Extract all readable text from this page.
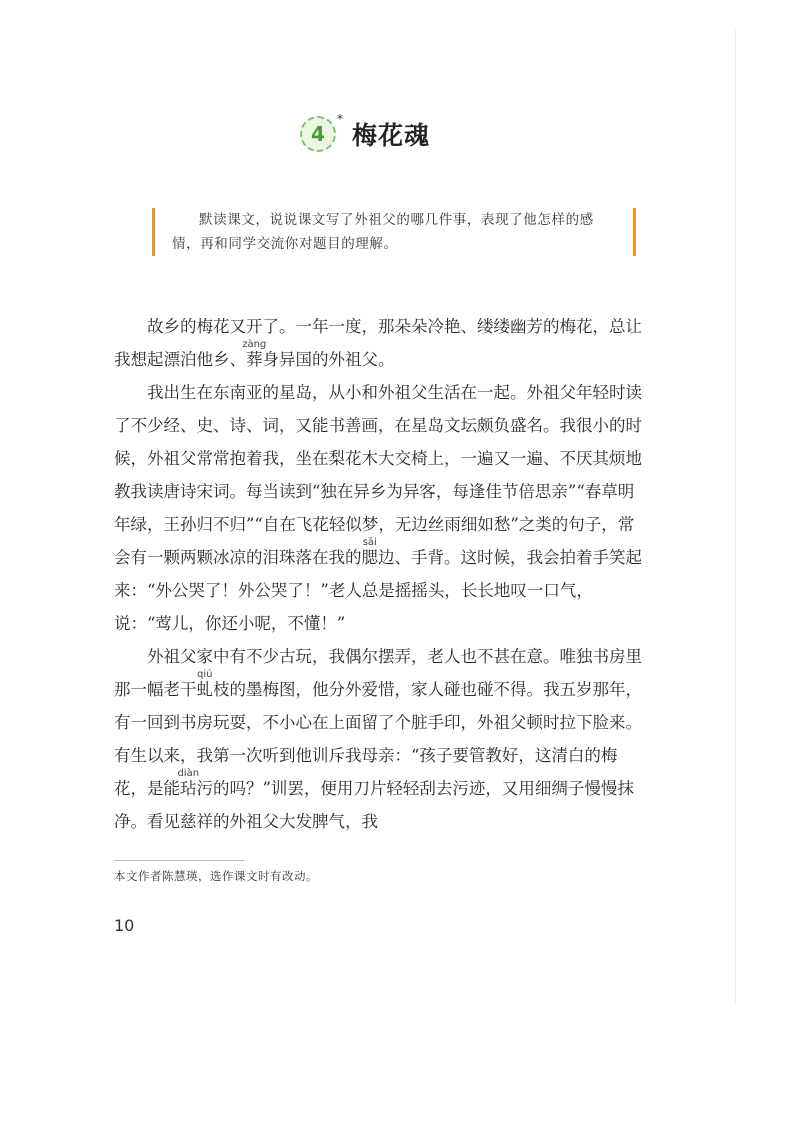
4
*
梅花魂

默读课文，说说课文写了外祖父的哪几件事，表现了他怎样的感情，再和同学交流你对题目的理解。

故乡的梅花又开了。一年一度，那朵朵冷艳、缕缕幽芳的梅花，总让我想起漂泊他乡、葬zàng身异国的外祖父。

我出生在东南亚的星岛，从小和外祖父生活在一起。外祖父年轻时读了不少经、史、诗、词，又能书善画，在星岛文坛颇负盛名。我很小的时候，外祖父常常抱着我，坐在梨花木大交椅上，一遍又一遍、不厌其烦地教我读唐诗宋词。每当读到“独在异乡为异客，每逢佳节倍思亲”“春草明年绿，王孙归不归”“自在飞花轻似梦，无边丝雨细如愁”之类的句子，常会有一颗两颗冰凉的泪珠落在我的腮sāi边、手背。这时候，我会拍着手笑起来：“外公哭了！外公哭了！”老人总是摇摇头，长长地叹一口气，说：“莺儿，你还小呢，不懂！”

外祖父家中有不少古玩，我偶尔摆弄，老人也不甚在意。唯独书房里那一幅老干虬qiú枝的墨梅图，他分外爱惜，家人碰也碰不得。我五岁那年，有一回到书房玩耍，不小心在上面留了个脏手印，外祖父顿时拉下脸来。有生以来，我第一次听到他训斥我母亲：“孩子要管教好，这清白的梅花，是能玷diàn污的吗？”训罢，便用刀片轻轻刮去污迹，又用细绸子慢慢抹净。看见慈祥的外祖父大发脾气，我

本文作者陈慧瑛，选作课文时有改动。
10
